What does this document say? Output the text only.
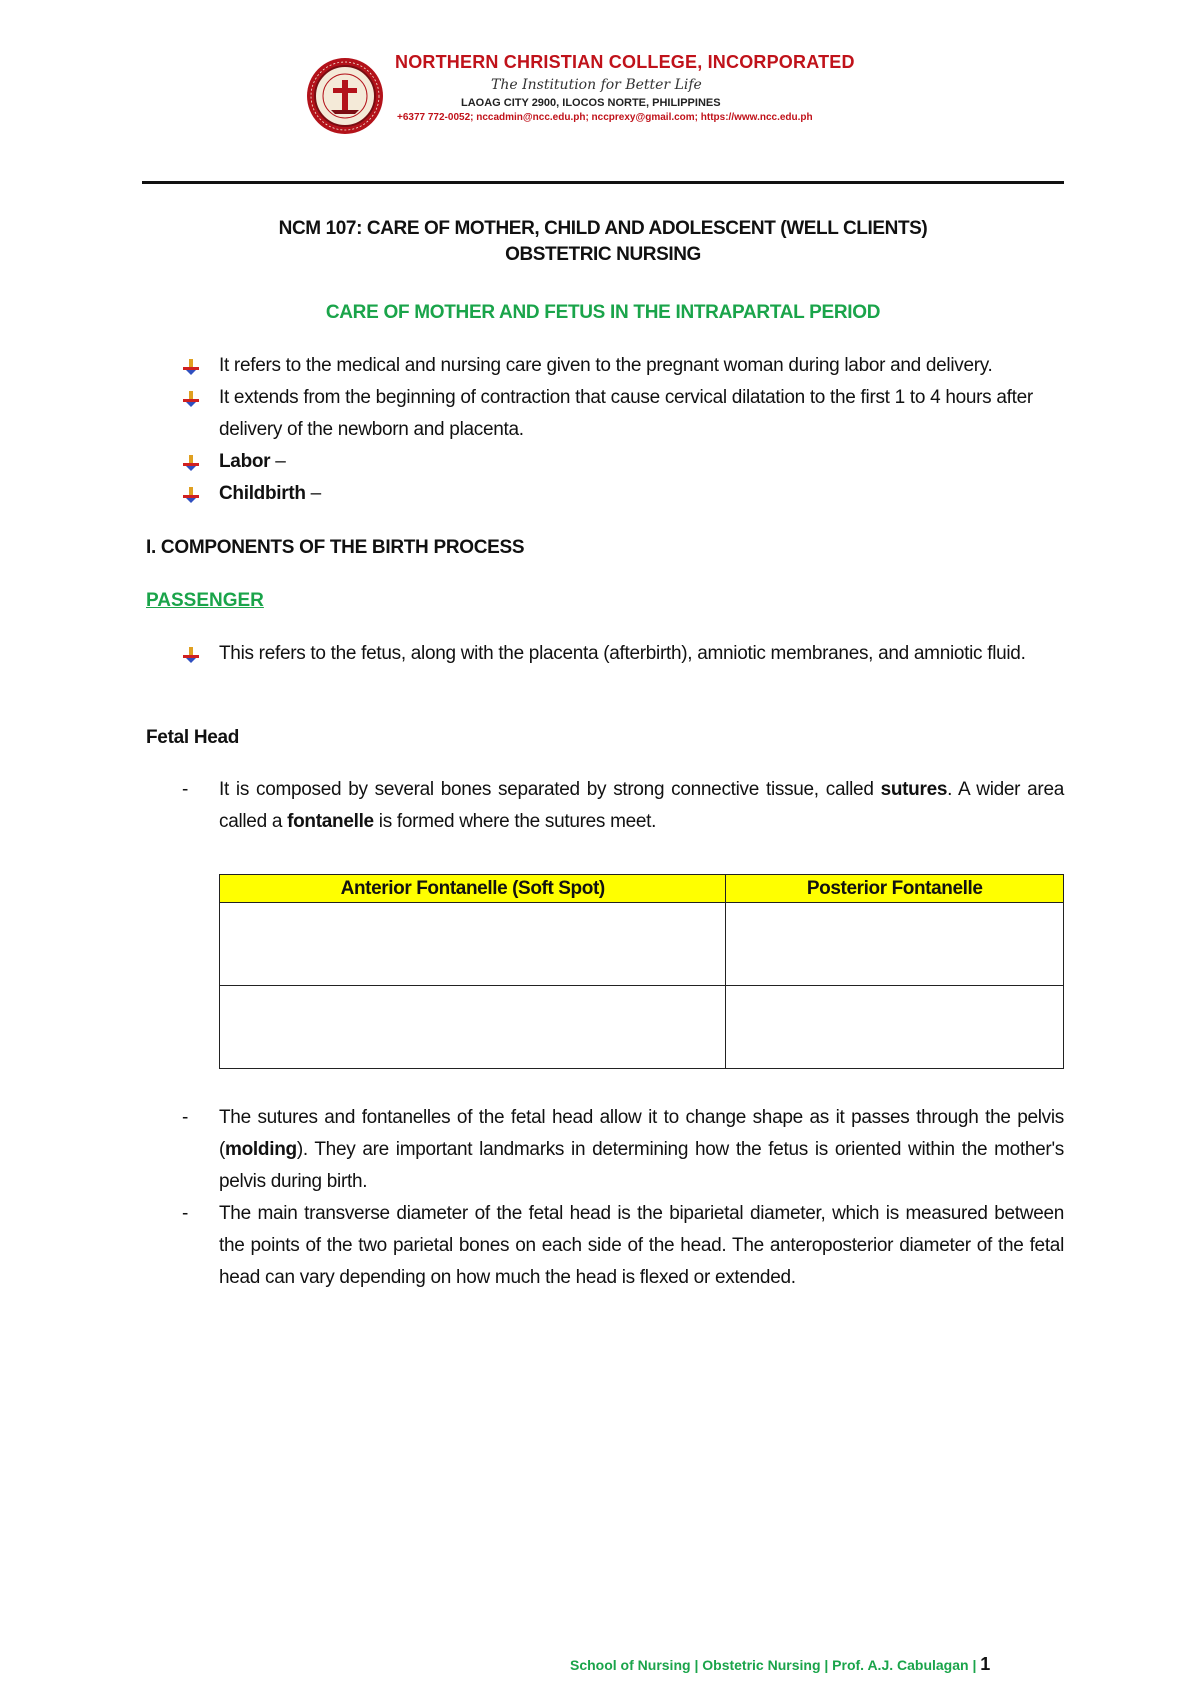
NORTHERN CHRISTIAN COLLEGE, INCORPORATED
The Institution for Better Life
LAOAG CITY 2900, ILOCOS NORTE, PHILIPPINES
+6377 772-0052; nccadmin@ncc.edu.ph; nccprexy@gmail.com; https://www.ncc.edu.ph
NCM 107: CARE OF MOTHER, CHILD AND ADOLESCENT (WELL CLIENTS)
OBSTETRIC NURSING
CARE OF MOTHER AND FETUS IN THE INTRAPARTAL PERIOD
It refers to the medical and nursing care given to the pregnant woman during labor and delivery.
It extends from the beginning of contraction that cause cervical dilatation to the first 1 to 4 hours after delivery of the newborn and placenta.
Labor –
Childbirth –
I. COMPONENTS OF THE BIRTH PROCESS
PASSENGER
This refers to the fetus, along with the placenta (afterbirth), amniotic membranes, and amniotic fluid.
Fetal Head
- It is composed by several bones separated by strong connective tissue, called sutures. A wider area called a fontanelle is formed where the sutures meet.
Anterior Fontanelle (Soft Spot)	Posterior Fontanelle

- The sutures and fontanelles of the fetal head allow it to change shape as it passes through the pelvis (molding). They are important landmarks in determining how the fetus is oriented within the mother's pelvis during birth.
- The main transverse diameter of the fetal head is the biparietal diameter, which is measured between the points of the two parietal bones on each side of the head. The anteroposterior diameter of the fetal head can vary depending on how much the head is flexed or extended.
School of Nursing | Obstetric Nursing | Prof. A.J. Cabulagan | 1
